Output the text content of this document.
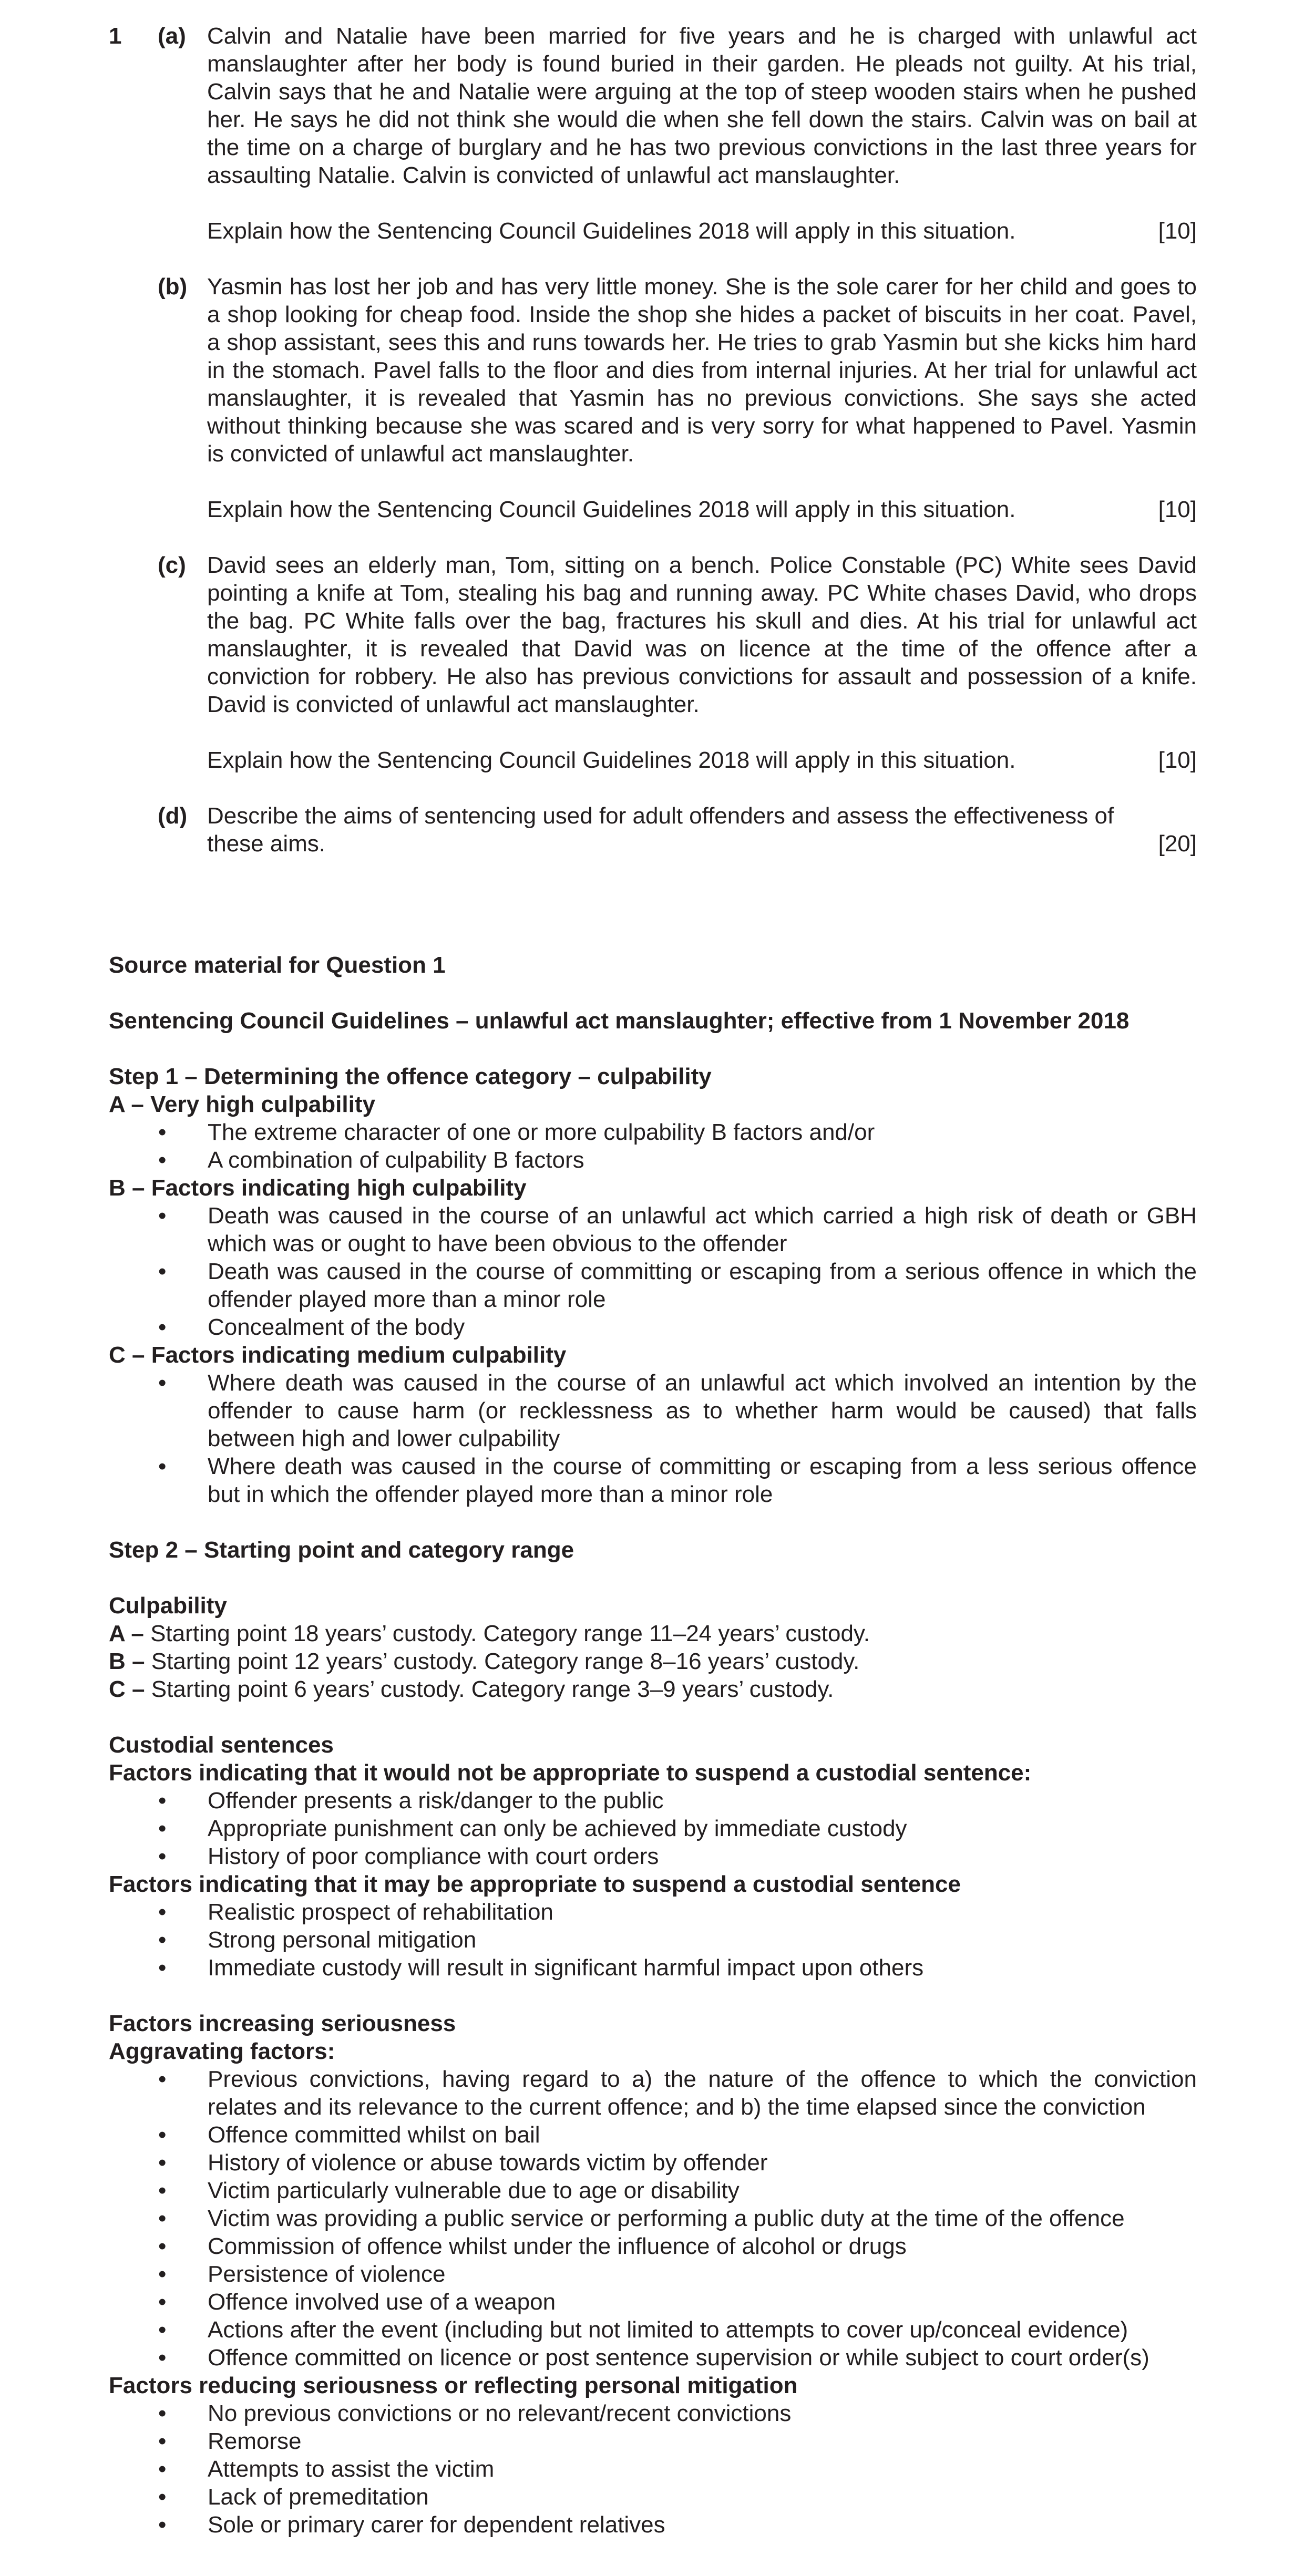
1 (a) Calvin and Natalie have been married for five years and he is charged with unlawful act manslaughter after her body is found buried in their garden. He pleads not guilty. At his trial, Calvin says that he and Natalie were arguing at the top of steep wooden stairs when he pushed her. He says he did not think she would die when she fell down the stairs. Calvin was on bail at the time on a charge of burglary and he has two previous convictions in the last three years for assaulting Natalie. Calvin is convicted of unlawful act manslaughter.
Explain how the Sentencing Council Guidelines 2018 will apply in this situation.	[10]
(b) Yasmin has lost her job and has very little money. She is the sole carer for her child and goes to a shop looking for cheap food. Inside the shop she hides a packet of biscuits in her coat. Pavel, a shop assistant, sees this and runs towards her. He tries to grab Yasmin but she kicks him hard in the stomach. Pavel falls to the floor and dies from internal injuries. At her trial for unlawful act manslaughter, it is revealed that Yasmin has no previous convictions. She says she acted without thinking because she was scared and is very sorry for what happened to Pavel. Yasmin is convicted of unlawful act manslaughter.
Explain how the Sentencing Council Guidelines 2018 will apply in this situation.	[10]
(c) David sees an elderly man, Tom, sitting on a bench. Police Constable (PC) White sees David pointing a knife at Tom, stealing his bag and running away. PC White chases David, who drops the bag. PC White falls over the bag, fractures his skull and dies. At his trial for unlawful act manslaughter, it is revealed that David was on licence at the time of the offence after a conviction for robbery. He also has previous convictions for assault and possession of a knife. David is convicted of unlawful act manslaughter.
Explain how the Sentencing Council Guidelines 2018 will apply in this situation.	[10]
(d) Describe the aims of sentencing used for adult offenders and assess the effectiveness of
these aims.	[20]
Source material for Question 1
Sentencing Council Guidelines – unlawful act manslaughter; effective from 1 November 2018
Step 1 – Determining the offence category – culpability
A – Very high culpability
• The extreme character of one or more culpability B factors and/or
• A combination of culpability B factors
B – Factors indicating high culpability
• Death was caused in the course of an unlawful act which carried a high risk of death or GBH which was or ought to have been obvious to the offender
• Death was caused in the course of committing or escaping from a serious offence in which the offender played more than a minor role
• Concealment of the body
C – Factors indicating medium culpability
• Where death was caused in the course of an unlawful act which involved an intention by the offender to cause harm (or recklessness as to whether harm would be caused) that falls between high and lower culpability
• Where death was caused in the course of committing or escaping from a less serious offence but in which the offender played more than a minor role
Step 2 – Starting point and category range
Culpability
A – Starting point 18 years’ custody. Category range 11–24 years’ custody.
B – Starting point 12 years’ custody. Category range 8–16 years’ custody.
C – Starting point 6 years’ custody. Category range 3–9 years’ custody.
Custodial sentences
Factors indicating that it would not be appropriate to suspend a custodial sentence:
• Offender presents a risk/danger to the public
• Appropriate punishment can only be achieved by immediate custody
• History of poor compliance with court orders
Factors indicating that it may be appropriate to suspend a custodial sentence
• Realistic prospect of rehabilitation
• Strong personal mitigation
• Immediate custody will result in significant harmful impact upon others
Factors increasing seriousness
Aggravating factors:
• Previous convictions, having regard to a) the nature of the offence to which the conviction relates and its relevance to the current offence; and b) the time elapsed since the conviction
• Offence committed whilst on bail
• History of violence or abuse towards victim by offender
• Victim particularly vulnerable due to age or disability
• Victim was providing a public service or performing a public duty at the time of the offence
• Commission of offence whilst under the influence of alcohol or drugs
• Persistence of violence
• Offence involved use of a weapon
• Actions after the event (including but not limited to attempts to cover up/conceal evidence)
• Offence committed on licence or post sentence supervision or while subject to court order(s)
Factors reducing seriousness or reflecting personal mitigation
• No previous convictions or no relevant/recent convictions
• Remorse
• Attempts to assist the victim
• Lack of premeditation
• Sole or primary carer for dependent relatives
